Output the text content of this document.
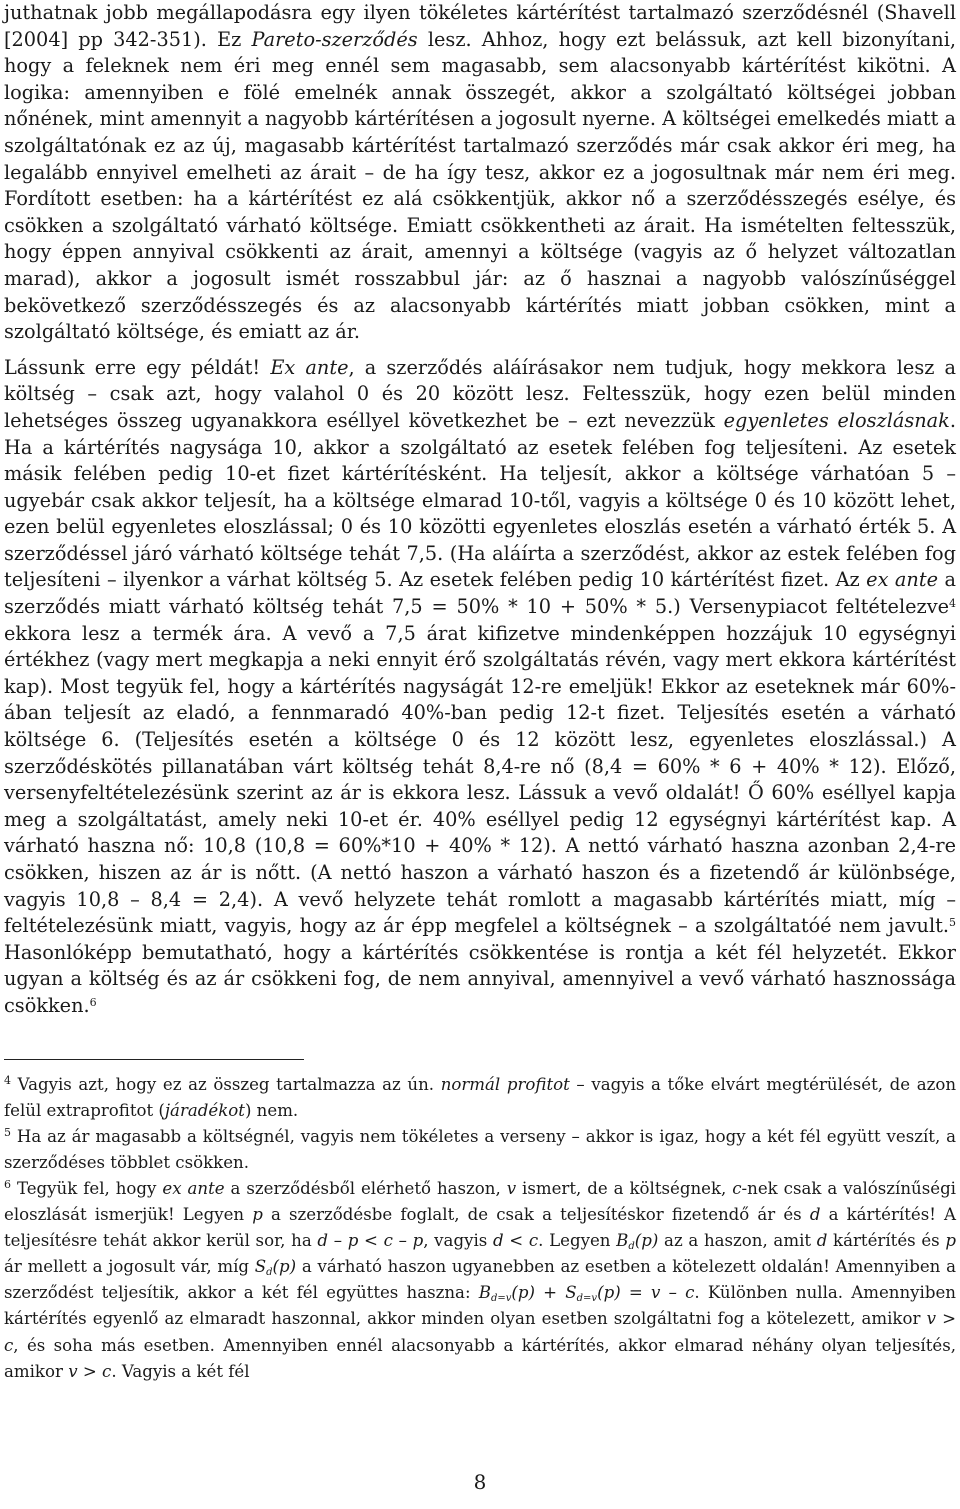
juthatnak jobb megállapodásra egy ilyen tökéletes kártérítést tartalmazó szerződésnél (Shavell [2004] pp 342-351). Ez Pareto-szerződés lesz. Ahhoz, hogy ezt belássuk, azt kell bizonyítani, hogy a feleknek nem éri meg ennél sem magasabb, sem alacsonyabb kártérítést kikötni. A logika: amennyiben e fölé emelnék annak összegét, akkor a szolgáltató költségei jobban nőnének, mint amennyit a nagyobb kártérítésen a jogosult nyerne. A költségei emelkedés miatt a szolgáltatónak ez az új, magasabb kártérítést tartalmazó szerződés már csak akkor éri meg, ha legalább ennyivel emelheti az árait – de ha így tesz, akkor ez a jogosultnak már nem éri meg. Fordított esetben: ha a kártérítést ez alá csökkentjük, akkor nő a szerződésszegés esélye, és csökken a szolgáltató várható költsége. Emiatt csökkentheti az árait. Ha ismételten feltesszük, hogy éppen annyival csökkenti az árait, amennyi a költsége (vagyis az ő helyzet változatlan marad), akkor a jogosult ismét rosszabbul jár: az ő hasznai a nagyobb valószínűséggel bekövetkező szerződésszegés és az alacsonyabb kártérítés miatt jobban csökken, mint a szolgáltató költsége, és emiatt az ár.

Lássunk erre egy példát! Ex ante, a szerződés aláírásakor nem tudjuk, hogy mekkora lesz a költség – csak azt, hogy valahol 0 és 20 között lesz. Feltesszük, hogy ezen belül minden lehetséges összeg ugyanakkora eséllyel következhet be – ezt nevezzük egyenletes eloszlásnak. Ha a kártérítés nagysága 10, akkor a szolgáltató az esetek felében fog teljesíteni. Az esetek másik felében pedig 10-et fizet kártérítésként. Ha teljesít, akkor a költsége várhatóan 5 – ugyebár csak akkor teljesít, ha a költsége elmarad 10-től, vagyis a költsége 0 és 10 között lehet, ezen belül egyenletes eloszlással; 0 és 10 közötti egyenletes eloszlás esetén a várható érték 5. A szerződéssel járó várható költsége tehát 7,5. (Ha aláírta a szerződést, akkor az estek felében fog teljesíteni – ilyenkor a várhat költség 5. Az esetek felében pedig 10 kártérítést fizet. Az ex ante a szerződés miatt várható költség tehát 7,5 = 50% * 10 + 50% * 5.) Versenypiacot feltételezve$^4$ ekkora lesz a termék ára. A vevő a 7,5 árat kifizetve mindenképpen hozzájuk 10 egységnyi értékhez (vagy mert megkapja a neki ennyit érő szolgáltatás révén, vagy mert ekkora kártérítést kap). Most tegyük fel, hogy a kártérítés nagyságát 12-re emeljük! Ekkor az eseteknek már 60%-ában teljesít az eladó, a fennmaradó 40%-ban pedig 12-t fizet. Teljesítés esetén a várható költsége 6. (Teljesítés esetén a költsége 0 és 12 között lesz, egyenletes eloszlással.) A szerződéskötés pillanatában várt költség tehát 8,4-re nő (8,4 = 60% * 6 + 40% * 12). Előző, versenyfeltételezésünk szerint az ár is ekkora lesz. Lássuk a vevő oldalát! Ő 60% eséllyel kapja meg a szolgáltatást, amely neki 10-et ér. 40% eséllyel pedig 12 egységnyi kártérítést kap. A várható haszna nő: 10,8 (10,8 = 60%*10 + 40% * 12). A nettó várható haszna azonban 2,4-re csökken, hiszen az ár is nőtt. (A nettó haszon a várható haszon és a fizetendő ár különbsége, vagyis 10,8 – 8,4 = 2,4). A vevő helyzete tehát romlott a magasabb kártérítés miatt, míg – feltételezésünk miatt, vagyis, hogy az ár épp megfelel a költségnek – a szolgáltatóé nem javult.$^5$ Hasonlóképp bemutatható, hogy a kártérítés csökkentése is rontja a két fél helyzetét. Ekkor ugyan a költség és az ár csökkeni fog, de nem annyival, amennyivel a vevő várható hasznossága csökken.$^6$

$^4$ Vagyis azt, hogy ez az összeg tartalmazza az ún. normál profitot – vagyis a tőke elvárt megtérülését, de azon felül extraprofitot (járadékot) nem.

$^5$ Ha az ár magasabb a költségnél, vagyis nem tökéletes a verseny – akkor is igaz, hogy a két fél együtt veszít, a szerződéses többlet csökken.

$^6$ Tegyük fel, hogy ex ante a szerződésből elérhető haszon, v ismert, de a költségnek, c-nek csak a valószínűségi eloszlását ismerjük! Legyen p a szerződésbe foglalt, de csak a teljesítéskor fizetendő ár és d a kártérítés! A teljesítésre tehát akkor kerül sor, ha d – p < c – p, vagyis d < c. Legyen $B_d(p)$ az a haszon, amit d kártérítés és p ár mellett a jogosult vár, míg $S_d(p)$ a várható haszon ugyanebben az esetben a kötelezett oldalán! Amennyiben a szerződést teljesítik, akkor a két fél együttes haszna: $B_{d=v}(p) + S_{d=v}(p) = v - c$. Különben nulla. Amennyiben kártérítés egyenlő az elmaradt haszonnal, akkor minden olyan esetben szolgáltatni fog a kötelezett, amikor v > c, és soha más esetben. Amennyiben ennél alacsonyabb a kártérítés, akkor elmarad néhány olyan teljesítés, amikor v > c. Vagyis a két fél

8
